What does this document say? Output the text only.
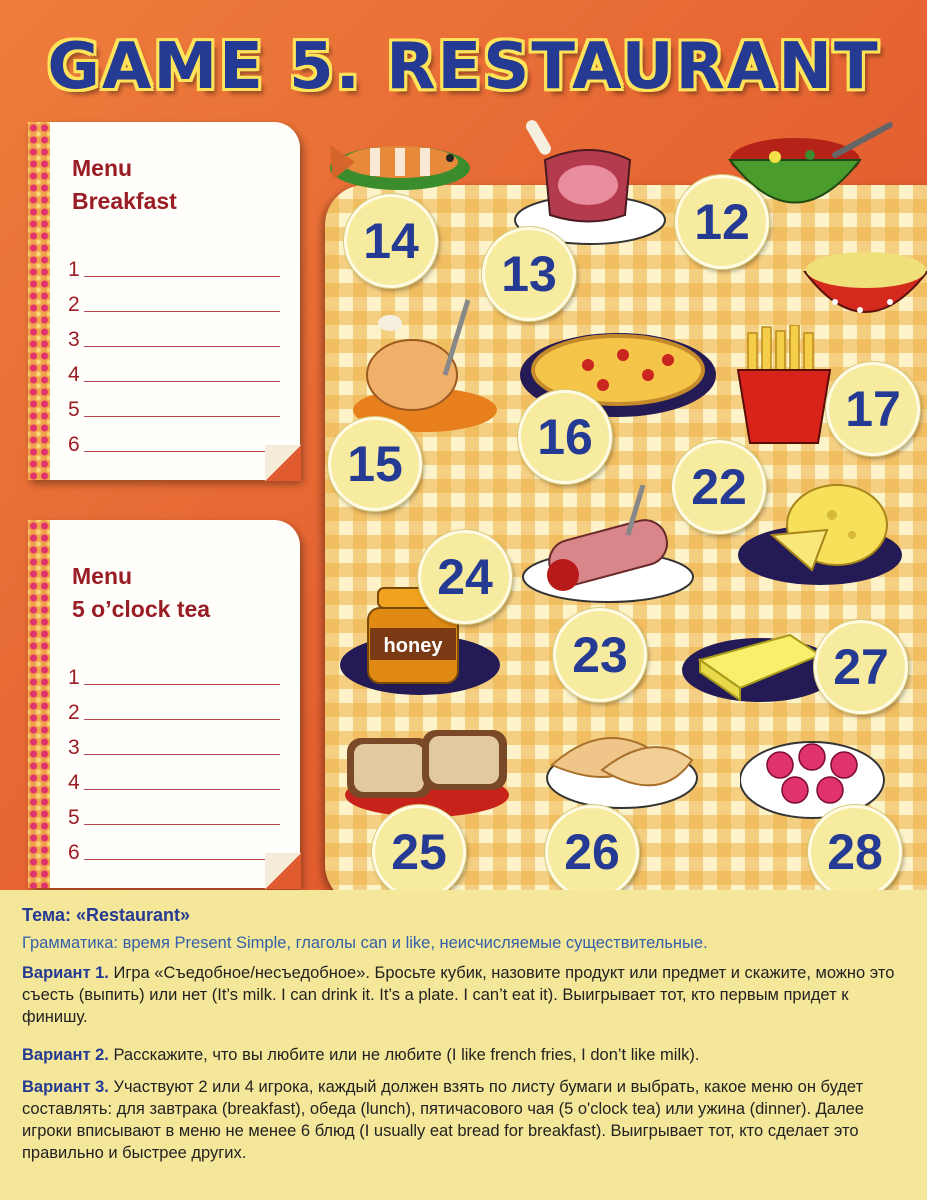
GAME 5. RESTAURANT
Menu
Breakfast
1
2
3
4
5
6
Menu
5 o’clock tea
1
2
3
4
5
6
honey
14
13
12
15	16	17
22
24
23	27
25	26	28

Тема: «Restaurant»

Грамматика: время Present Simple, глаголы can и like, неисчисляемые существительные.

Вариант 1. Игра «Съедобное/несъедобное». Бросьте кубик, назовите продукт или предмет и скажите, можно это съесть (выпить) или нет (It’s milk. I can drink it. It’s a plate. I can’t eat it). Выигрывает тот, кто первым придет к финишу.

Вариант 2. Расскажите, что вы любите или не любите (I like french fries, I don’t like milk).

Вариант 3. Участвуют 2 или 4 игрока, каждый должен взять по листу бумаги и выбрать, какое меню он будет составлять: для завтрака (breakfast), обеда (lunch), пятичасового чая (5 o'clock tea) или ужина (dinner). Далее игроки вписывают в меню не менее 6 блюд (I usually eat bread for breakfast). Выигрывает тот, кто сделает это правильно и быстрее других.
